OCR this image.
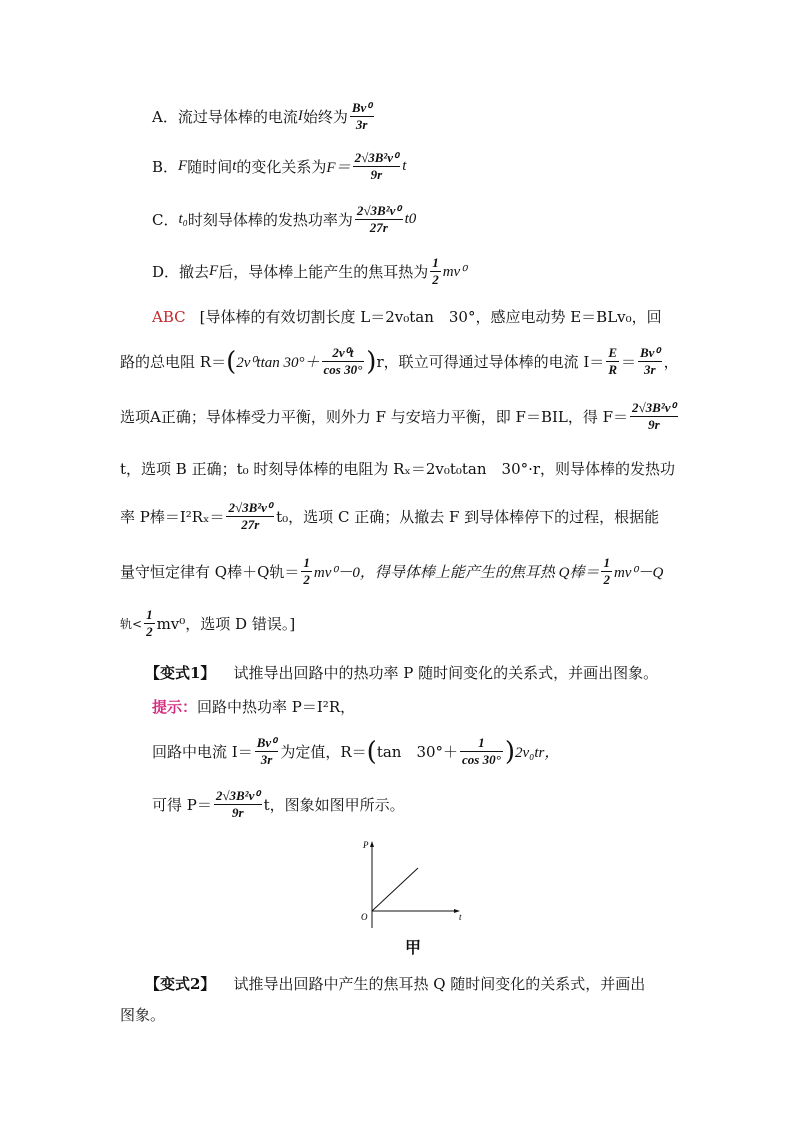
A．流过导体棒的电流 I 始终为 $\frac{\text{Bv⁰}}{3r}$
B． F 随时间 t 的变化关系为 $F= \frac{\text{2√3B²v⁰}}{9r}$ t
C． t₀ 时刻导体棒的发热功率为 $\frac{\text{2√3B²v⁰}}{27r} t0$
D．撤去 F 后，导体棒上能产生的焦耳热为 $\frac{1}{2} mv^0$
ABC [导体棒的有效切割长度 L＝2v₀tan　30°，感应电动势 E＝BLv₀，回
路的总电阻 R＝ ( 2v⁰ttan $30^\circ+ \frac{\text{2v⁰t}}{\cos 30^\circ}$ ) r，联立可得通过导体棒的电流 $I= \frac{E}{R} = \frac{\text{Bv⁰}}{3r}$ ，
选项A正确；导体棒受力平衡，则外力 F 与安培力平衡，即 F＝BIL，得 $F= \frac{\text{2√3B²v⁰}}{9r}$
t，选项 B 正确；t₀ 时刻导体棒的电阻为 Rₓ＝2v₀t₀tan　30°·r，则导体棒的发热功
率 P棒$=I^2R_x= \frac{\text{2√3B²v⁰}}{27r} t_0$，选项 C 正确；从撤去 F 到导体棒停下的过程，根据能
量守恒定律有 Q棒＋Q轨＝ $\frac{1}{2} mv^0-0$，得导体棒上能产生的焦耳热 Q棒＝ $\frac{1}{2} mv^0-Q$
轨< $\frac{1}{2} mv^0$，选项 D 错误。]
【变式1】 试推导出回路中的热功率 P 随时间变化的关系式，并画出图象。
提示： 回路中热功率 P＝I²R，
回路中电流 $I= \frac{\text{Bv⁰}}{3r}$ 为定值，R＝ ( tan　$30^\circ+ \frac{1}{\cos 30^\circ}$ ) 2v₀tr，
可得 $P= \frac{\text{2√3B²v⁰}}{9r}$ t，图象如图甲所示。
P
t
O
甲
【变式2】 试推导出回路中产生的焦耳热 Q 随时间变化的关系式，并画出
图象。
